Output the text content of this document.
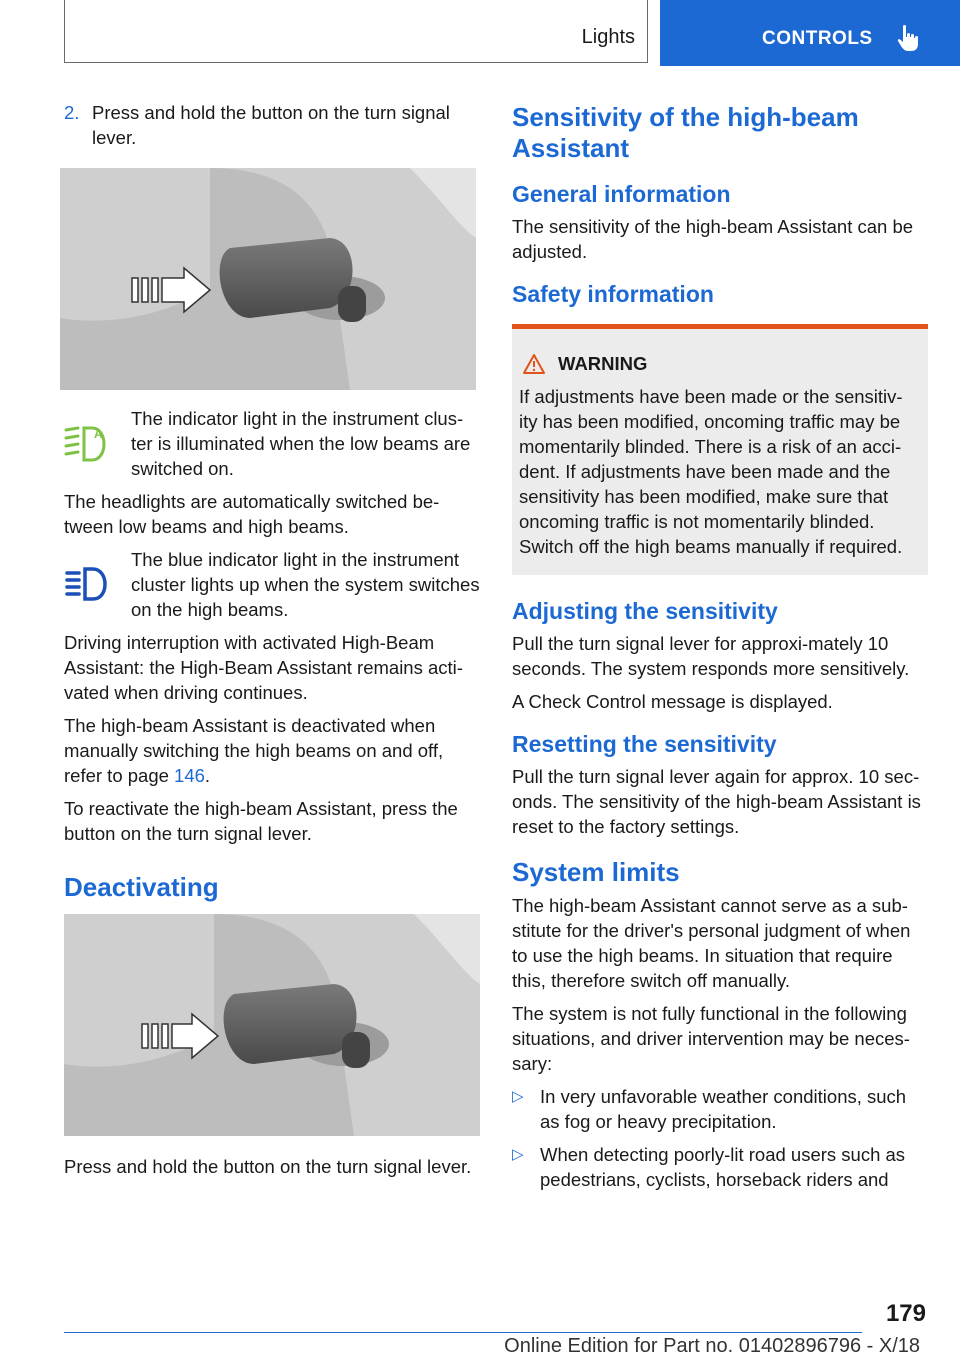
Lights	CONTROLS
2. Press and hold the button on the turn signal lever.
A
The indicator light in the instrument clus‐ter is illuminated when the low beams are switched on.

The headlights are automatically switched be‐tween low beams and high beams.

The blue indicator light in the instrument cluster lights up when the system switches on the high beams.

Driving interruption with activated High-Beam Assistant: the High-Beam Assistant remains acti‐vated when driving continues.

The high-beam Assistant is deactivated when manually switching the high beams on and off, refer to page 146.

To reactivate the high-beam Assistant, press the button on the turn signal lever.

Deactivating

Press and hold the button on the turn signal lever.

Sensitivity of the high-beam Assistant
General information

The sensitivity of the high-beam Assistant can be adjusted.

Safety information
WARNING
If adjustments have been made or the sensitiv‐ity has been modified, oncoming traffic may be momentarily blinded. There is a risk of an acci‐dent. If adjustments have been made and the sensitivity has been modified, make sure that oncoming traffic is not momentarily blinded. Switch off the high beams manually if required.
Adjusting the sensitivity

Pull the turn signal lever for approxi‐mately 10 seconds. The system responds more sensitively.

A Check Control message is displayed.

Resetting the sensitivity

Pull the turn signal lever again for approx. 10 sec‐onds. The sensitivity of the high-beam Assistant is reset to the factory settings.

System limits

The high-beam Assistant cannot serve as a sub‐stitute for the driver's personal judgment of when to use the high beams. In situation that require this, therefore switch off manually.

The system is not fully functional in the following situations, and driver intervention may be neces‐sary:

▷ In very unfavorable weather conditions, such as fog or heavy precipitation.
▷ When detecting poorly-lit road users such as pedestrians, cyclists, horseback riders and
179
Online Edition for Part no. 01402896796 - X/18
